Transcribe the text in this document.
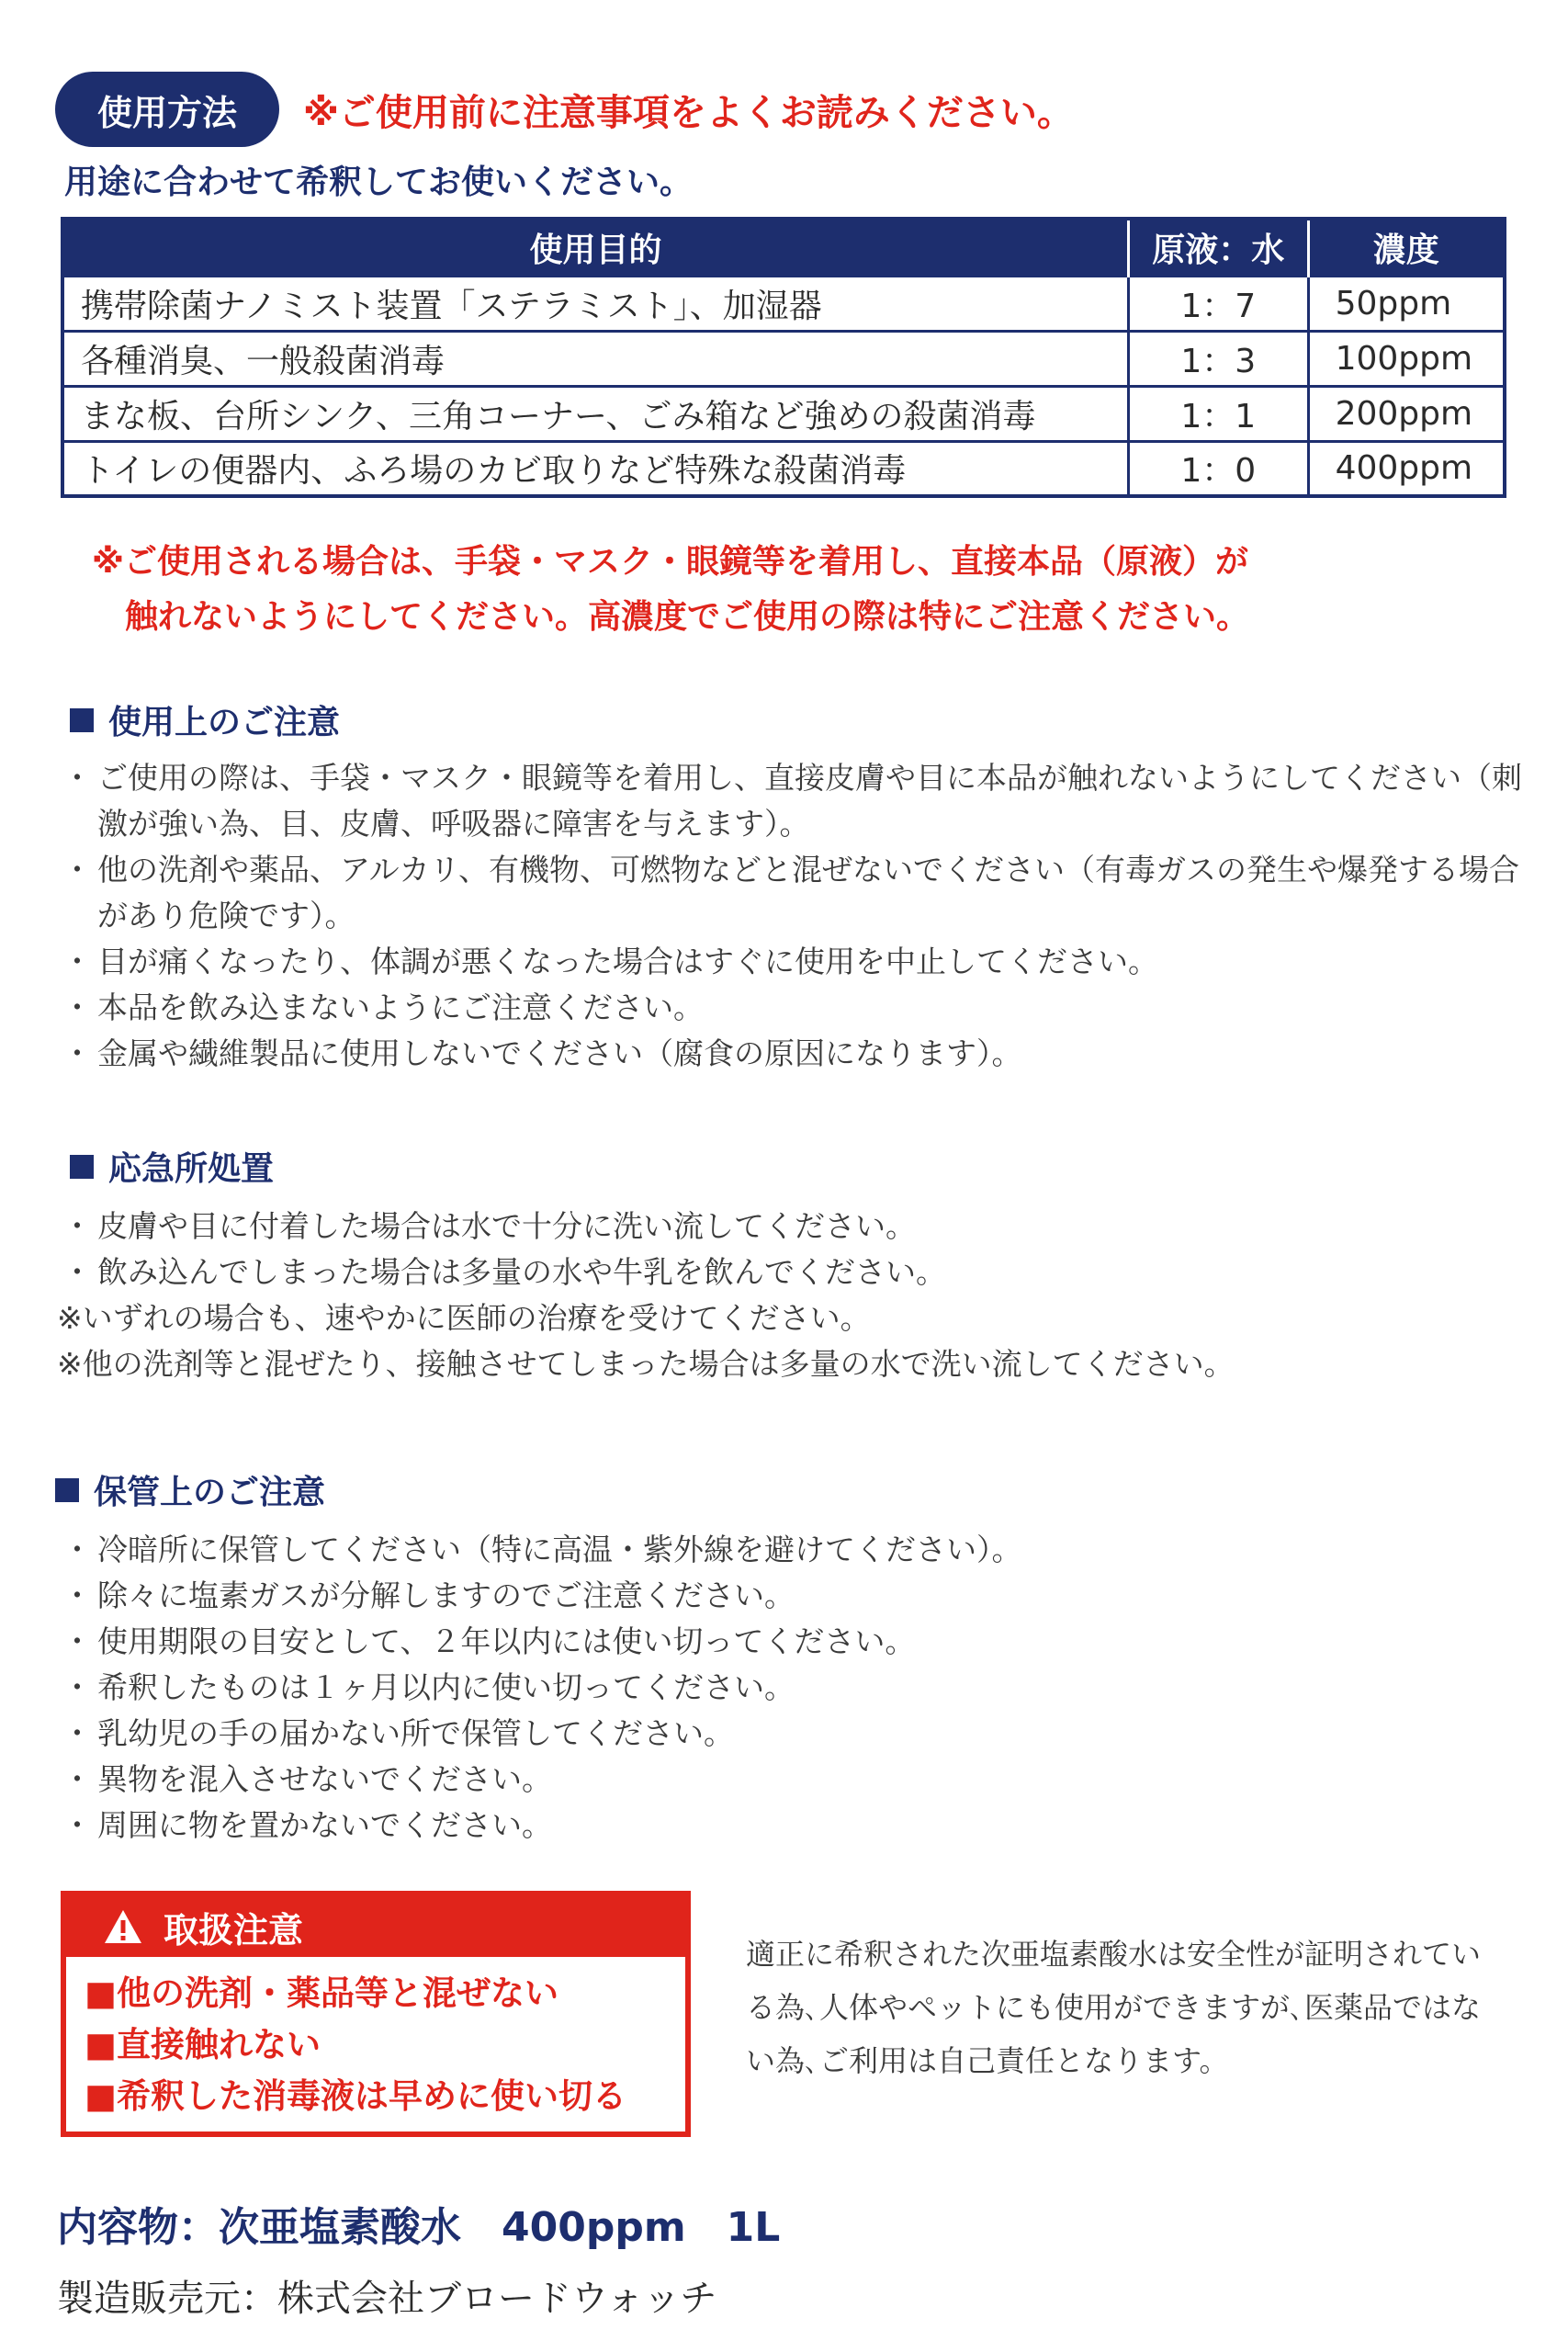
使用方法	※ご使用前に注意事項をよくお読みください。
用途に合わせて希釈してお使いください。
使用目的	原液：水	濃度
携帯除菌ナノミスト装置「ステラミスト」、加湿器	1：7	50ppm
各種消臭、一般殺菌消毒	1：3	100ppm
まな板、台所シンク、三角コーナー、ごみ箱など強めの殺菌消毒	1：1	200ppm
トイレの便器内、ふろ場のカビ取りなど特殊な殺菌消毒	1：0	400ppm
※ご使用される場合は、手袋・マスク・眼鏡等を着用し、直接本品（原液）が
触れないようにしてください。高濃度でご使用の際は特にご注意ください。
使用上のご注意
・ ご使用の際は、手袋・マスク・眼鏡等を着用し、直接皮膚や目に本品が触れないようにしてください（刺激が強い為、目、皮膚、呼吸器に障害を与えます）。
・ 他の洗剤や薬品、アルカリ、有機物、可燃物などと混ぜないでください（有毒ガスの発生や爆発する場合があり危険です）。
・ 目が痛くなったり、体調が悪くなった場合はすぐに使用を中止してください。
・ 本品を飲み込まないようにご注意ください。
・ 金属や繊維製品に使用しないでください（腐食の原因になります）。
応急所処置
・ 皮膚や目に付着した場合は水で十分に洗い流してください。
・ 飲み込んでしまった場合は多量の水や牛乳を飲んでください。
※いずれの場合も、速やかに医師の治療を受けてください。
※他の洗剤等と混ぜたり、接触させてしまった場合は多量の水で洗い流してください。
保管上のご注意
・ 冷暗所に保管してください（特に高温・紫外線を避けてください）。
・ 除々に塩素ガスが分解しますのでご注意ください。
・ 使用期限の目安として、２年以内には使い切ってください。
・ 希釈したものは１ヶ月以内に使い切ってください。
・ 乳幼児の手の届かない所で保管してください。
・ 異物を混入させないでください。
・ 周囲に物を置かないでください。
取扱注意
■他の洗剤・薬品等と混ぜない
■直接触れない
■希釈した消毒液は早めに使い切る
適正に希釈された次亜塩素酸水は安全性が証明されている為､人体やペットにも使用ができますが､医薬品ではない為､ご利用は自己責任となります。
内容物：次亜塩素酸水　400ppm　1L
製造販売元：株式会社ブロードウォッチ
